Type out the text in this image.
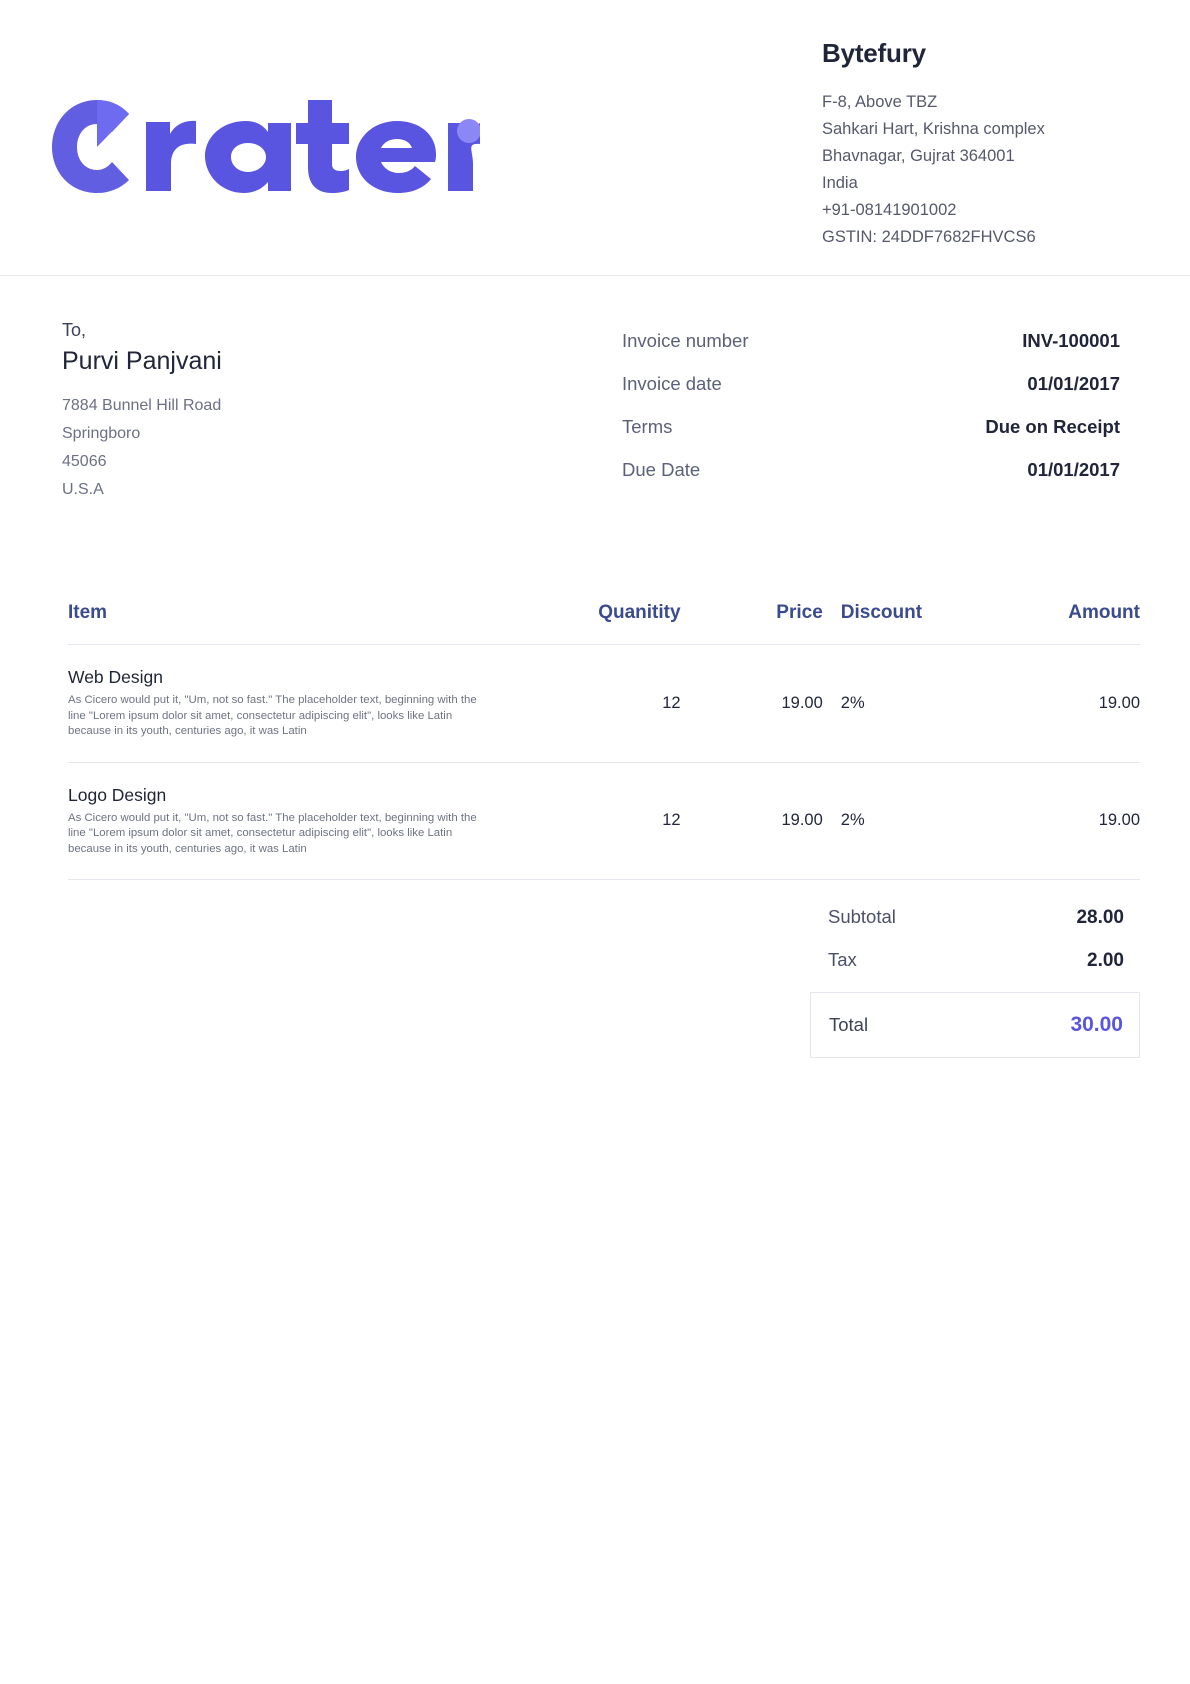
Bytefury
F-8, Above TBZ
Sahkari Hart, Krishna complex
Bhavnagar, Gujrat 364001
India
+91-08141901002
GSTIN: 24DDF7682FHVCS6
To,
Purvi Panjvani
7884 Bunnel Hill Road
Springboro
45066
U.S.A
Invoice number	INV-100001
Invoice date	01/01/2017
Terms	Due on Receipt
Due Date	01/01/2017
Item	Quanitity	Price	Discount	Amount

Web Design
As Cicero would put it, "Um, not so fast." The placeholder text, beginning with the line "Lorem ipsum dolor sit amet, consectetur adipiscing elit", looks like Latin because in its youth, centuries ago, it was Latin	12	19.00	2%	19.00

Logo Design
As Cicero would put it, "Um, not so fast." The placeholder text, beginning with the line "Lorem ipsum dolor sit amet, consectetur adipiscing elit", looks like Latin because in its youth, centuries ago, it was Latin	12	19.00	2%	19.00
Subtotal	28.00
Tax	2.00
Total	30.00
